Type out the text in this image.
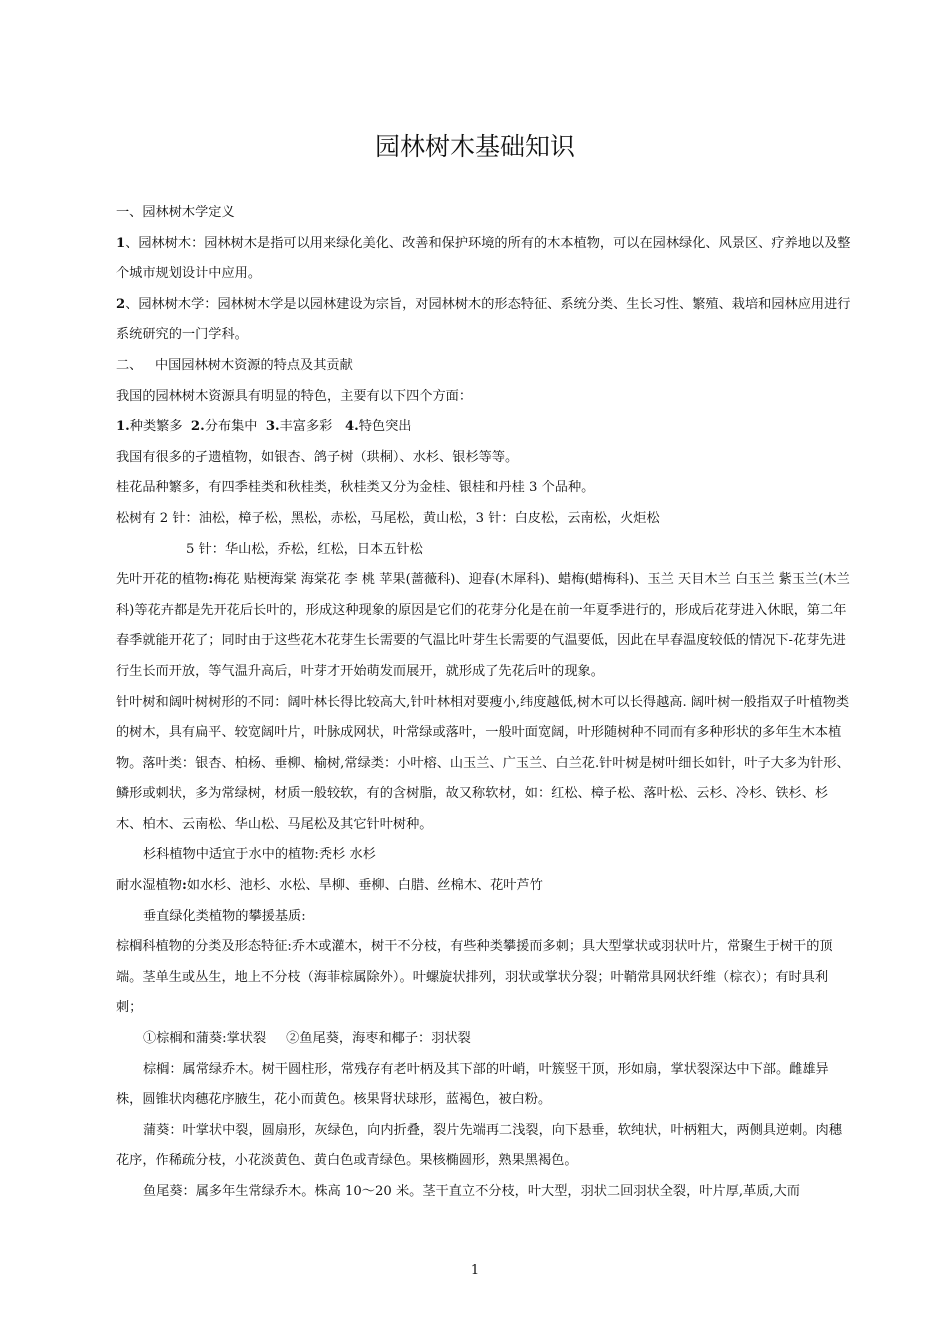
园林树木基础知识

一、园林树木学定义

1、园林树木：园林树木是指可以用来绿化美化、改善和保护环境的所有的木本植物，可以在园林绿化、风景区、疗养地以及整个城市规划设计中应用。

2、园林树木学：园林树木学是以园林建设为宗旨，对园林树木的形态特征、系统分类、生长习性、繁殖、栽培和园林应用进行系统研究的一门学科。

二、   中国园林树木资源的特点及其贡献

我国的园林树木资源具有明显的特色，主要有以下四个方面：

1.种类繁多 2.分布集中 3.丰富多彩 4.特色突出

我国有很多的孑遗植物，如银杏、鸽子树（珙桐）、水杉、银杉等等。

桂花品种繁多，有四季桂类和秋桂类，秋桂类又分为金桂、银桂和丹桂 3 个品种。

松树有 2 针：油松，樟子松，黑松，赤松，马尾松，黄山松，3 针：白皮松，云南松，火炬松

5 针：华山松，乔松，红松，日本五针松

先叶开花的植物:梅花 贴梗海棠 海棠花 李 桃 苹果(蔷薇科)、迎春(木犀科)、蜡梅(蜡梅科)、玉兰 天目木兰 白玉兰 紫玉兰(木兰科)等花卉都是先开花后长叶的，形成这种现象的原因是它们的花芽分化是在前一年夏季进行的，形成后花芽进入休眠，第二年春季就能开花了；同时由于这些花木花芽生长需要的气温比叶芽生长需要的气温要低，因此在早春温度较低的情况下-花芽先进行生长而开放，等气温升高后，叶芽才开始萌发而展开，就形成了先花后叶的现象。

针叶树和阔叶树树形的不同：阔叶林长得比较高大,针叶林相对要瘦小,纬度越低,树木可以长得越高. 阔叶树一般指双子叶植物类的树木，具有扁平、较宽阔叶片，叶脉成网状，叶常绿或落叶，一般叶面宽阔，叶形随树种不同而有多种形状的多年生木本植物。落叶类：银杏、柏杨、垂柳、榆树,常绿类：小叶榕、山玉兰、广玉兰、白兰花.针叶树是树叶细长如针，叶子大多为针形、鳞形或刺状，多为常绿树，材质一般较软，有的含树脂，故又称软材，如：红松、樟子松、落叶松、云杉、冷杉、铁杉、杉木、柏木、云南松、华山松、马尾松及其它针叶树种。

杉科植物中适宜于水中的植物:秃杉 水杉

耐水湿植物:如水杉、池杉、水松、旱柳、垂柳、白腊、丝棉木、花叶芦竹

垂直绿化类植物的攀援基质:

棕榈科植物的分类及形态特征:乔木或灌木，树干不分枝，有些种类攀援而多刺；具大型掌状或羽状叶片，常聚生于树干的顶端。茎单生或丛生，地上不分枝（海菲棕属除外）。叶螺旋状排列，羽状或掌状分裂；叶鞘常具网状纤维（棕衣）；有时具利刺；

①棕榈和蒲葵:掌状裂 ②鱼尾葵，海枣和椰子：羽状裂

棕榈：属常绿乔木。树干圆柱形，常残存有老叶柄及其下部的叶峭，叶簇竖干顶，形如扇，掌状裂深达中下部。雌雄异株，圆锥状肉穗花序腋生，花小而黄色。核果肾状球形，蓝褐色，被白粉。

蒲葵：叶掌状中裂，圆扇形，灰绿色，向内折叠，裂片先端再二浅裂，向下悬垂，软纯状，叶柄粗大，两侧具逆刺。肉穗花序，作稀疏分枝，小花淡黄色、黄白色或青绿色。果核椭圆形，熟果黑褐色。

鱼尾葵：属多年生常绿乔木。株高 10～20 米。茎干直立不分枝，叶大型，羽状二回羽状全裂，叶片厚,革质,大而

1
